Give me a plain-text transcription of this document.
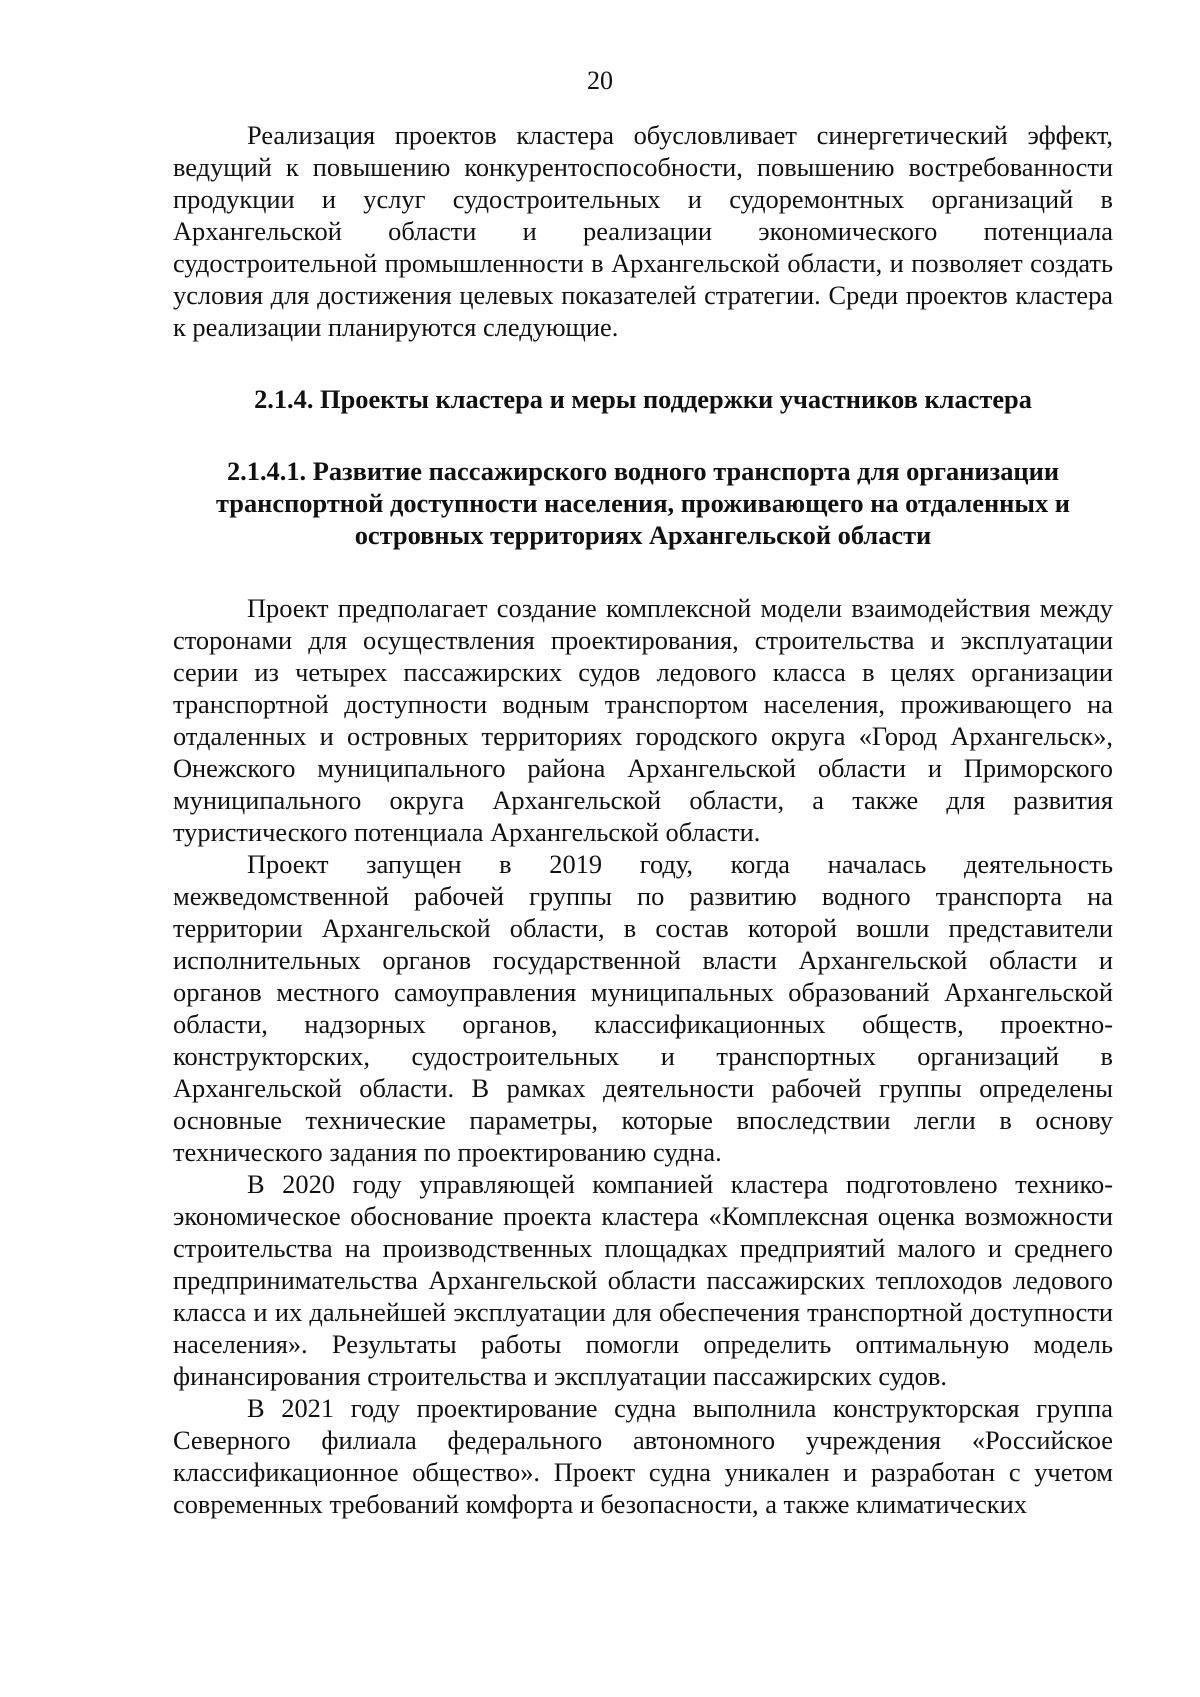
20

Реализация проектов кластера обусловливает синергетический эффект, ведущий к повышению конкурентоспособности, повышению востребованности продукции и услуг судостроительных и судоремонтных организаций в Архангельской области и реализации экономического потенциала судостроительной промышленности в Архангельской области, и позволяет создать условия для достижения целевых показателей стратегии. Среди проектов кластера к реализации планируются следующие.

2.1.4. Проекты кластера и меры поддержки участников кластера
2.1.4.1. Развитие пассажирского водного транспорта для организации транспортной доступности населения, проживающего на отдаленных и островных территориях Архангельской области

Проект предполагает создание комплексной модели взаимодействия между сторонами для осуществления проектирования, строительства и эксплуатации серии из четырех пассажирских судов ледового класса в целях организации транспортной доступности водным транспортом населения, проживающего на отдаленных и островных территориях городского округа «Город Архангельск», Онежского муниципального района Архангельской области и Приморского муниципального округа Архангельской области, а также для развития туристического потенциала Архангельской области.

Проект запущен в 2019 году, когда началась деятельность межведомственной рабочей группы по развитию водного транспорта на территории Архангельской области, в состав которой вошли представители исполнительных органов государственной власти Архангельской области и органов местного самоуправления муниципальных образований Архангельской области, надзорных органов, классификационных обществ, проектно-конструкторских, судостроительных и транспортных организаций в Архангельской области. В рамках деятельности рабочей группы определены основные технические параметры, которые впоследствии легли в основу технического задания по проектированию судна.

В 2020 году управляющей компанией кластера подготовлено технико-экономическое обоснование проекта кластера «Комплексная оценка возможности строительства на производственных площадках предприятий малого и среднего предпринимательства Архангельской области пассажирских теплоходов ледового класса и их дальнейшей эксплуатации для обеспечения транспортной доступности населения». Результаты работы помогли определить оптимальную модель финансирования строительства и эксплуатации пассажирских судов.

В 2021 году проектирование судна выполнила конструкторская группа Северного филиала федерального автономного учреждения «Российское классификационное общество». Проект судна уникален и разработан с учетом современных требований комфорта и безопасности, а также климатических
